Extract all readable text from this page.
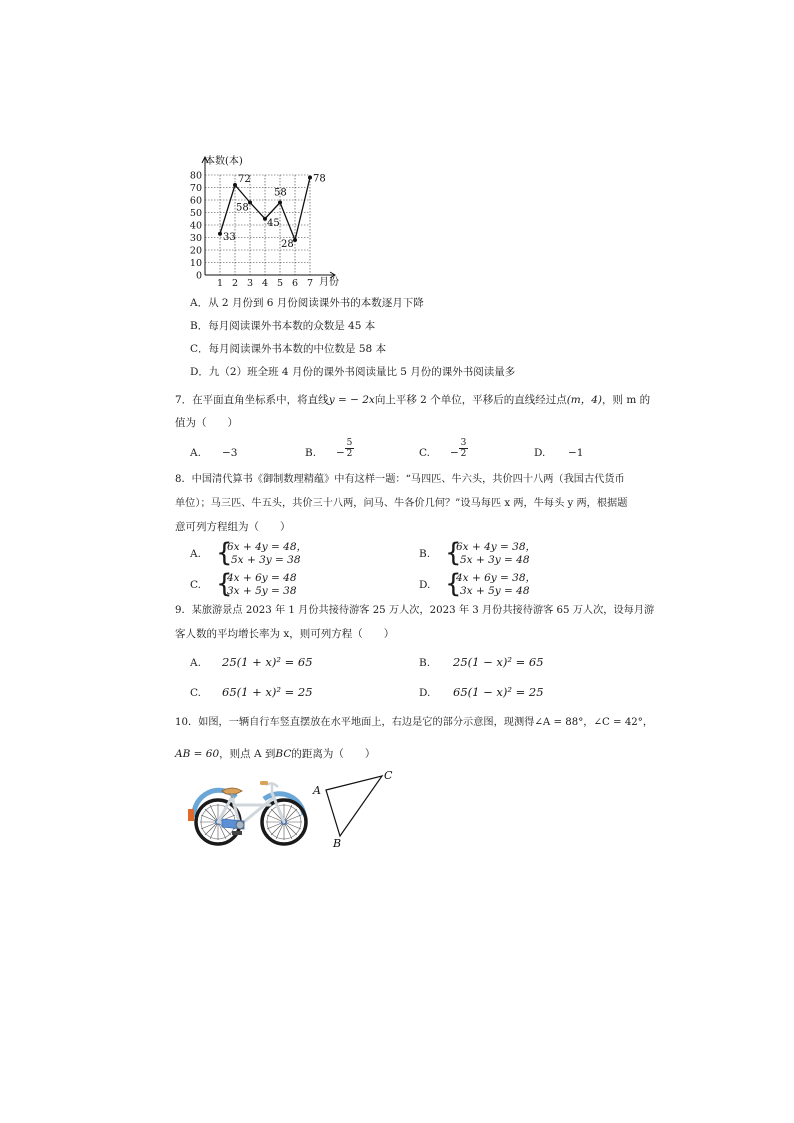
0
10
20
30
40
50
60
70
80
1 2 3 4 5 6 7
33
72
58
45
58
28
78
本数(本)
月份
A．从 2 月份到 6 月份阅读课外书的本数逐月下降
B．每月阅读课外书本数的众数是 45 本
C．每月阅读课外书本数的中位数是 58 本
D．九（2）班全班 4 月份的课外书阅读量比 5 月份的课外书阅读量多
7．在平面直角坐标系中，将直线y = − 2x向上平移 2 个单位，平移后的直线经过点(m，4)，则 m 的
值为（　　）
A. −3	B. − $\frac{5}{2}$	C. − $\frac{3}{2}$	D. −1
8．中国清代算书《御制数理精蕴》中有这样一题：“马四匹、牛六头，共价四十八两（我国古代货币
单位）；马三匹、牛五头，共价三十八两，问马、牛各价几何？”设马每匹 x 两，牛每头 y 两，根据题
意可列方程组为（　　）
A. {
6x + 4y = 48，
5x + 3y = 38	B. {
6x + 4y = 38，
5x + 3y = 48
C. {
4x + 6y = 48
3x + 5y = 38	D. {
4x + 6y = 38，
3x + 5y = 48
9．某旅游景点 2023 年 1 月份共接待游客 25 万人次，2023 年 3 月份共接待游客 65 万人次，设每月游
客人数的平均增长率为 x，则可列方程（　　）
A. 25(1 + x)² = 65	B. 25(1 − x)² = 65
C. 65(1 + x)² = 25	D. 65(1 − x)² = 25
10．如图，一辆自行车竖直摆放在水平地面上，右边是它的部分示意图，现测得∠A = 88°，∠C = 42°，
AB = 60，则点 A 到BC的距离为（　　）
A
C
B
